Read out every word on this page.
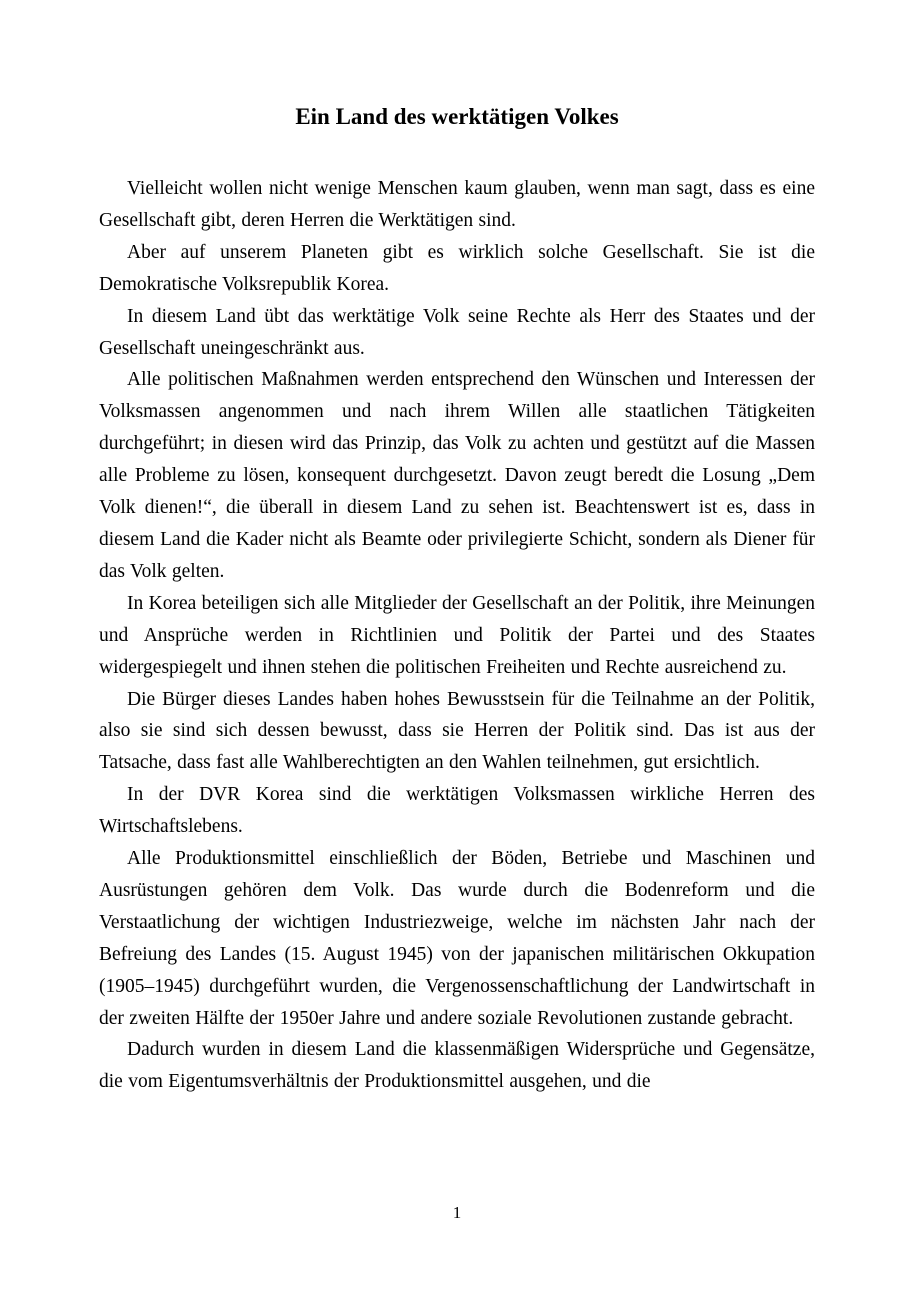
Ein Land des werktätigen Volkes

Vielleicht wollen nicht wenige Menschen kaum glauben, wenn man sagt, dass es eine Gesellschaft gibt, deren Herren die Werktätigen sind.

Aber auf unserem Planeten gibt es wirklich solche Gesellschaft. Sie ist die Demokratische Volksrepublik Korea.

In diesem Land übt das werktätige Volk seine Rechte als Herr des Staates und der Gesellschaft uneingeschränkt aus.

Alle politischen Maßnahmen werden entsprechend den Wünschen und Interessen der Volksmassen angenommen und nach ihrem Willen alle staatlichen Tätigkeiten durchgeführt; in diesen wird das Prinzip, das Volk zu achten und gestützt auf die Massen alle Probleme zu lösen, konsequent durchgesetzt. Davon zeugt beredt die Losung „Dem Volk dienen!“, die überall in diesem Land zu sehen ist. Beachtenswert ist es, dass in diesem Land die Kader nicht als Beamte oder privilegierte Schicht, sondern als Diener für das Volk gelten.

In Korea beteiligen sich alle Mitglieder der Gesellschaft an der Politik, ihre Meinungen und Ansprüche werden in Richtlinien und Politik der Partei und des Staates widergespiegelt und ihnen stehen die politischen Freiheiten und Rechte ausreichend zu.

Die Bürger dieses Landes haben hohes Bewusstsein für die Teilnahme an der Politik, also sie sind sich dessen bewusst, dass sie Herren der Politik sind. Das ist aus der Tatsache, dass fast alle Wahlberechtigten an den Wahlen teilnehmen, gut ersichtlich.

In der DVR Korea sind die werktätigen Volksmassen wirkliche Herren des Wirtschaftslebens.

Alle Produktionsmittel einschließlich der Böden, Betriebe und Maschinen und Ausrüstungen gehören dem Volk. Das wurde durch die Bodenreform und die Verstaatlichung der wichtigen Industriezweige, welche im nächsten Jahr nach der Befreiung des Landes (15. August 1945) von der japanischen militärischen Okkupation (1905–1945) durchgeführt wurden, die Vergenossenschaftlichung der Landwirtschaft in der zweiten Hälfte der 1950er Jahre und andere soziale Revolutionen zustande gebracht.

Dadurch wurden in diesem Land die klassenmäßigen Widersprüche und Gegensätze, die vom Eigentumsverhältnis der Produktionsmittel ausgehen, und die

1
